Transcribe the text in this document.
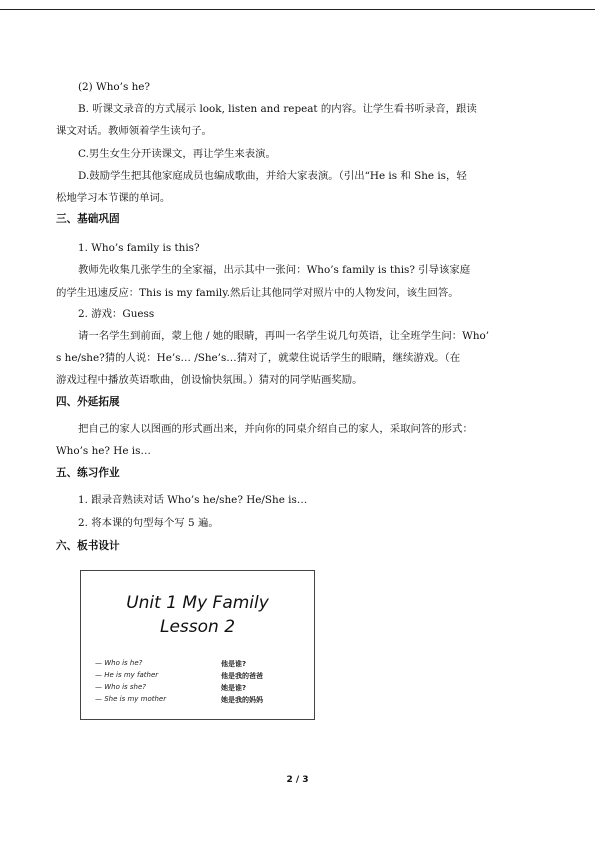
(2) Who’s he?

B. 听课文录音的方式展示 look, listen and repeat 的内容。让学生看书听录音，跟读

课文对话。教师领着学生读句子。

C.男生女生分开读课文，再让学生来表演。

D.鼓励学生把其他家庭成员也编成歌曲，并给大家表演。（引出“He is 和 She is，轻

松地学习本节课的单词。

三、基础巩固

1. Who’s family is this?

教师先收集几张学生的全家福，出示其中一张问：Who’s family is this? 引导该家庭

的学生迅速反应：This is my family.然后让其他同学对照片中的人物发问，该生回答。

2. 游戏：Guess

请一名学生到前面，蒙上他 / 她的眼睛，再叫一名学生说几句英语，让全班学生问：Who’

s he/she?猜的人说：He’s… /She’s…猜对了，就蒙住说话学生的眼睛，继续游戏。（在

游戏过程中播放英语歌曲，创设愉快氛围。）猜对的同学贴画奖励。

四、外延拓展

把自己的家人以图画的形式画出来，并向你的同桌介绍自己的家人，采取问答的形式：

Who’s he? He is…

五、练习作业

1. 跟录音熟读对话 Who’s he/she? He/She is…

2. 将本课的句型每个写 5 遍。

六、板书设计

Unit 1 My Family

Lesson 2

— Who is he?

— He is my father

— Who is she?

— She is my mother

他是谁?

他是我的爸爸

她是谁?

她是我的妈妈

2 / 3
